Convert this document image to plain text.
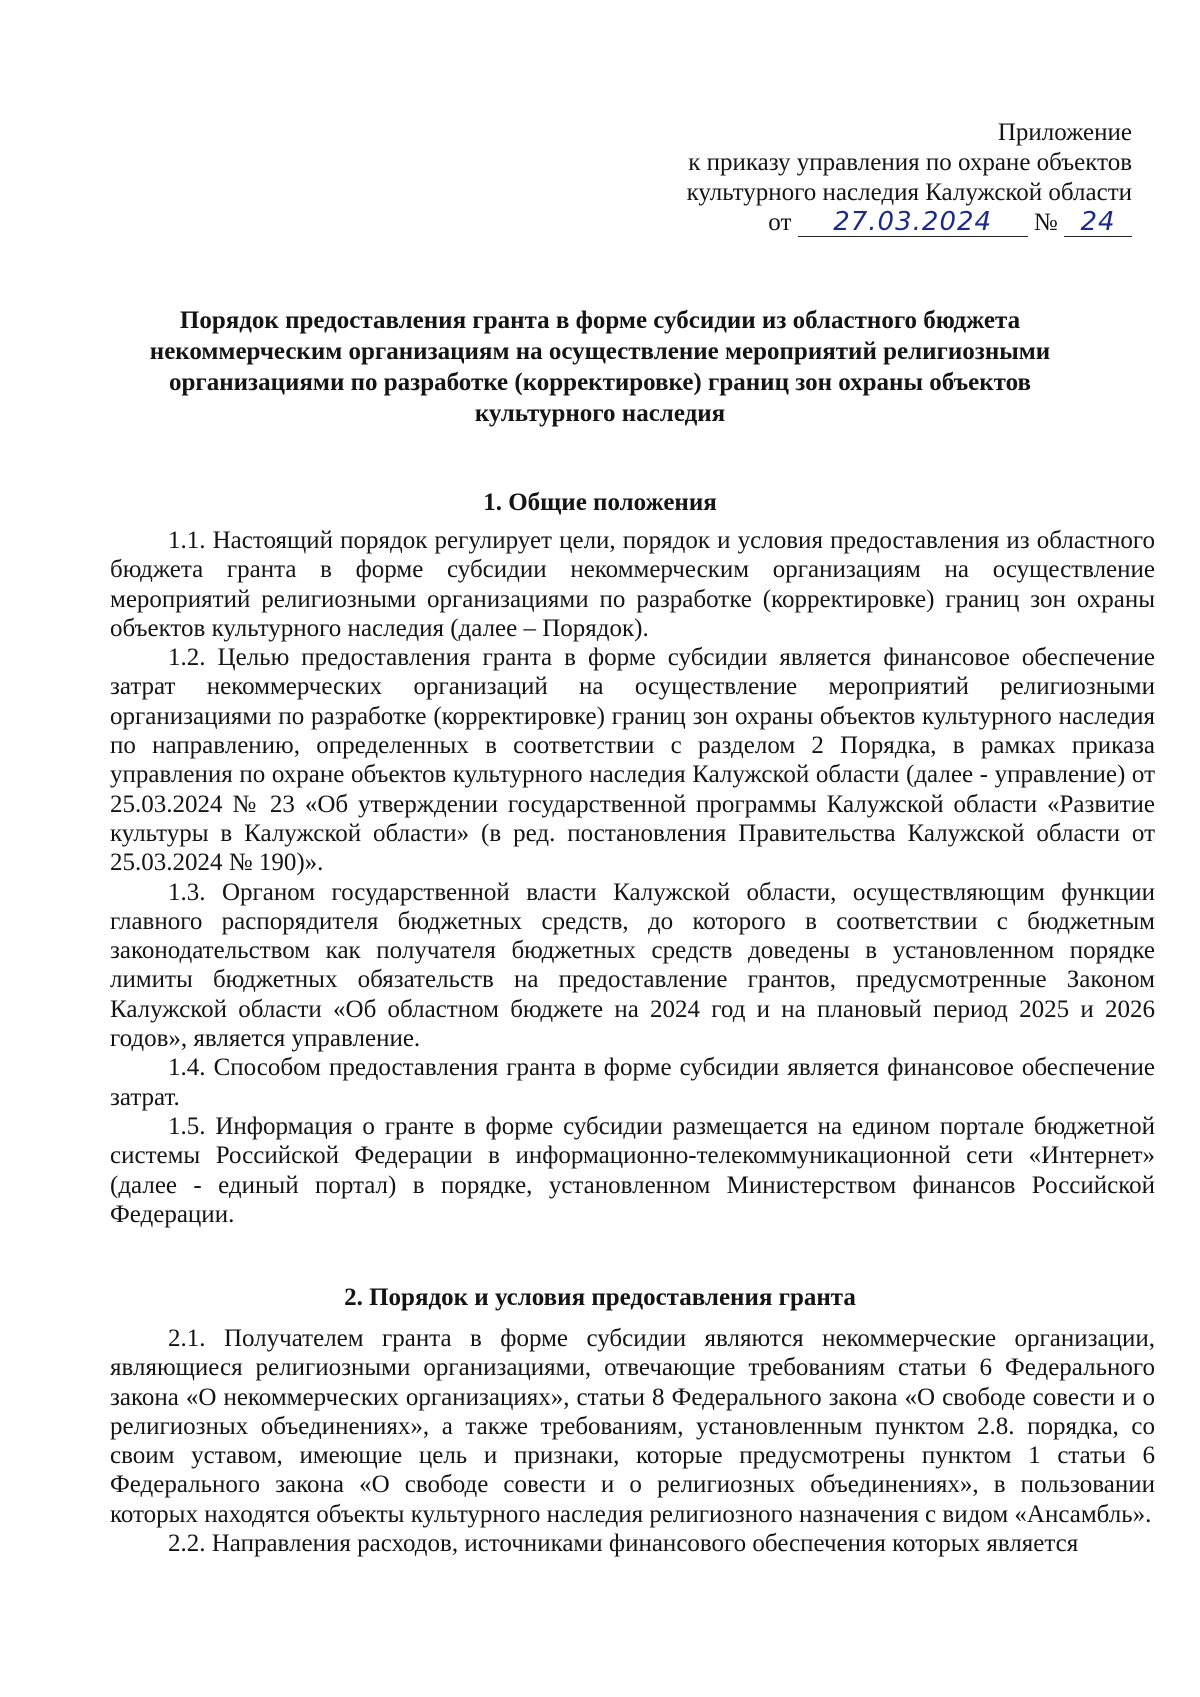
Приложение
к приказу управления по охране объектов
культурного наследия Калужской области
от 27.03.2024 № 24
Порядок предоставления гранта в форме субсидии из областного бюджета некоммерческим организациям на осуществление мероприятий религиозными организациями по разработке (корректировке) границ зон охраны объектов культурного наследия
1. Общие положения

1.1. Настоящий порядок регулирует цели, порядок и условия предоставления из областного бюджета гранта в форме субсидии некоммерческим организациям на осуществление мероприятий религиозными организациями по разработке (корректировке) границ зон охраны объектов культурного наследия (далее – Порядок).

1.2. Целью предоставления гранта в форме субсидии является финансовое обеспечение затрат некоммерческих организаций на осуществление мероприятий религиозными организациями по разработке (корректировке) границ зон охраны объектов культурного наследия по направлению, определенных в соответствии с разделом 2 Порядка, в рамках приказа управления по охране объектов культурного наследия Калужской области (далее - управление) от 25.03.2024 № 23 «Об утверждении государственной программы Калужской области «Развитие культуры в Калужской области» (в ред. постановления Правительства Калужской области от 25.03.2024 № 190)».

1.3. Органом государственной власти Калужской области, осуществляющим функции главного распорядителя бюджетных средств, до которого в соответствии с бюджетным законодательством как получателя бюджетных средств доведены в установленном порядке лимиты бюджетных обязательств на предоставление грантов, предусмотренные Законом Калужской области «Об областном бюджете на 2024 год и на плановый период 2025 и 2026 годов», является управление.

1.4. Способом предоставления гранта в форме субсидии является финансовое обеспечение затрат.

1.5. Информация о гранте в форме субсидии размещается на едином портале бюджетной системы Российской Федерации в информационно-телекоммуникационной сети «Интернет» (далее - единый портал) в порядке, установленном Министерством финансов Российской Федерации.

2. Порядок и условия предоставления гранта

2.1. Получателем гранта в форме субсидии являются некоммерческие организации, являющиеся религиозными организациями, отвечающие требованиям статьи 6 Федерального закона «О некоммерческих организациях», статьи 8 Федерального закона «О свободе совести и о религиозных объединениях», а также требованиям, установленным пунктом 2.8. порядка, со своим уставом, имеющие цель и признаки, которые предусмотрены пунктом 1 статьи 6 Федерального закона «О свободе совести и о религиозных объединениях», в пользовании которых находятся объекты культурного наследия религиозного назначения с видом «Ансамбль».

2.2. Направления расходов, источниками финансового обеспечения которых является
